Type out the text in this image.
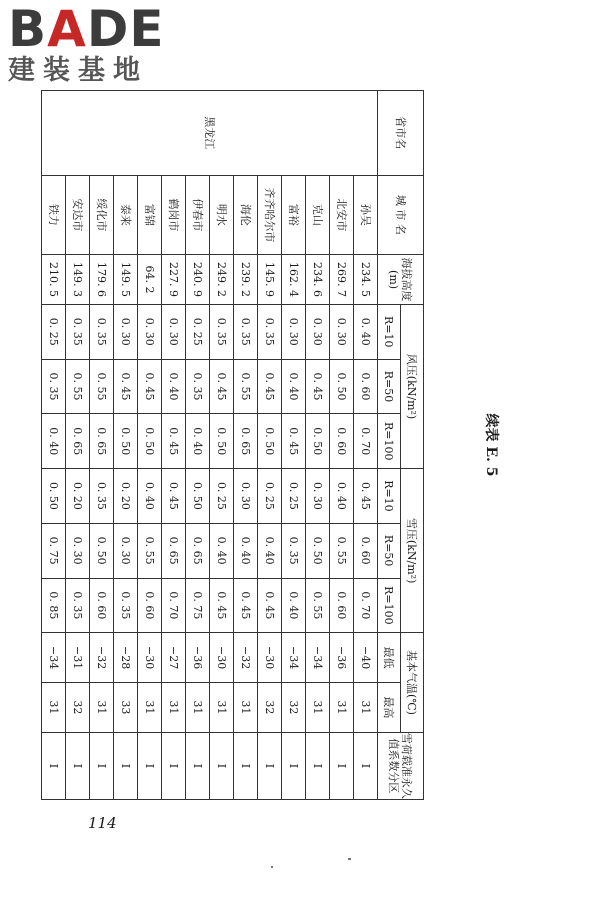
BADE
建装基地
续表 E. 5
省市名	城 市 名	海拔高度(m)	风压(kN/m²)			雪压(kN/m²)			基本气温(℃)		雪荷载准永久值系数分区
			R=10	R=50	R=100	R=10	R=50	R=100	最低	最高	
黑龙江	孙吴	234. 5	0. 40	0. 60	0. 70	0. 45	0. 60	0. 70	−40	31	Ⅰ
	北安市	269. 7	0. 30	0. 50	0. 60	0. 40	0. 55	0. 60	−36	31	Ⅰ
	克山	234. 6	0. 30	0. 45	0. 50	0. 30	0. 50	0. 55	−34	31	Ⅰ
	富裕	162. 4	0. 30	0. 40	0. 45	0. 25	0. 35	0. 40	−34	32	Ⅰ
	齐齐哈尔市	145. 9	0. 35	0. 45	0. 50	0. 25	0. 40	0. 45	−30	32	Ⅰ
	海伦	239. 2	0. 35	0. 55	0. 65	0. 30	0. 40	0. 45	−32	31	Ⅰ
	明水	249. 2	0. 35	0. 45	0. 50	0. 25	0. 40	0. 45	−30	31	Ⅰ
	伊春市	240. 9	0. 25	0. 35	0. 40	0. 50	0. 65	0. 75	−36	31	Ⅰ
	鹤岗市	227. 9	0. 30	0. 40	0. 45	0. 45	0. 65	0. 70	−27	31	Ⅰ
	富锦	64. 2	0. 30	0. 45	0. 50	0. 40	0. 55	0. 60	−30	31	Ⅰ
	泰来	149. 5	0. 30	0. 45	0. 50	0. 20	0. 30	0. 35	−28	33	Ⅰ
	绥化市	179. 6	0. 35	0. 55	0. 65	0. 35	0. 50	0. 60	−32	31	Ⅰ
	安达市	149. 3	0. 35	0. 55	0. 65	0. 20	0. 30	0. 35	−31	32	Ⅰ
	铁力	210. 5	0. 25	0. 35	0. 40	0. 50	0. 75	0. 85	−34	31	Ⅰ
114
